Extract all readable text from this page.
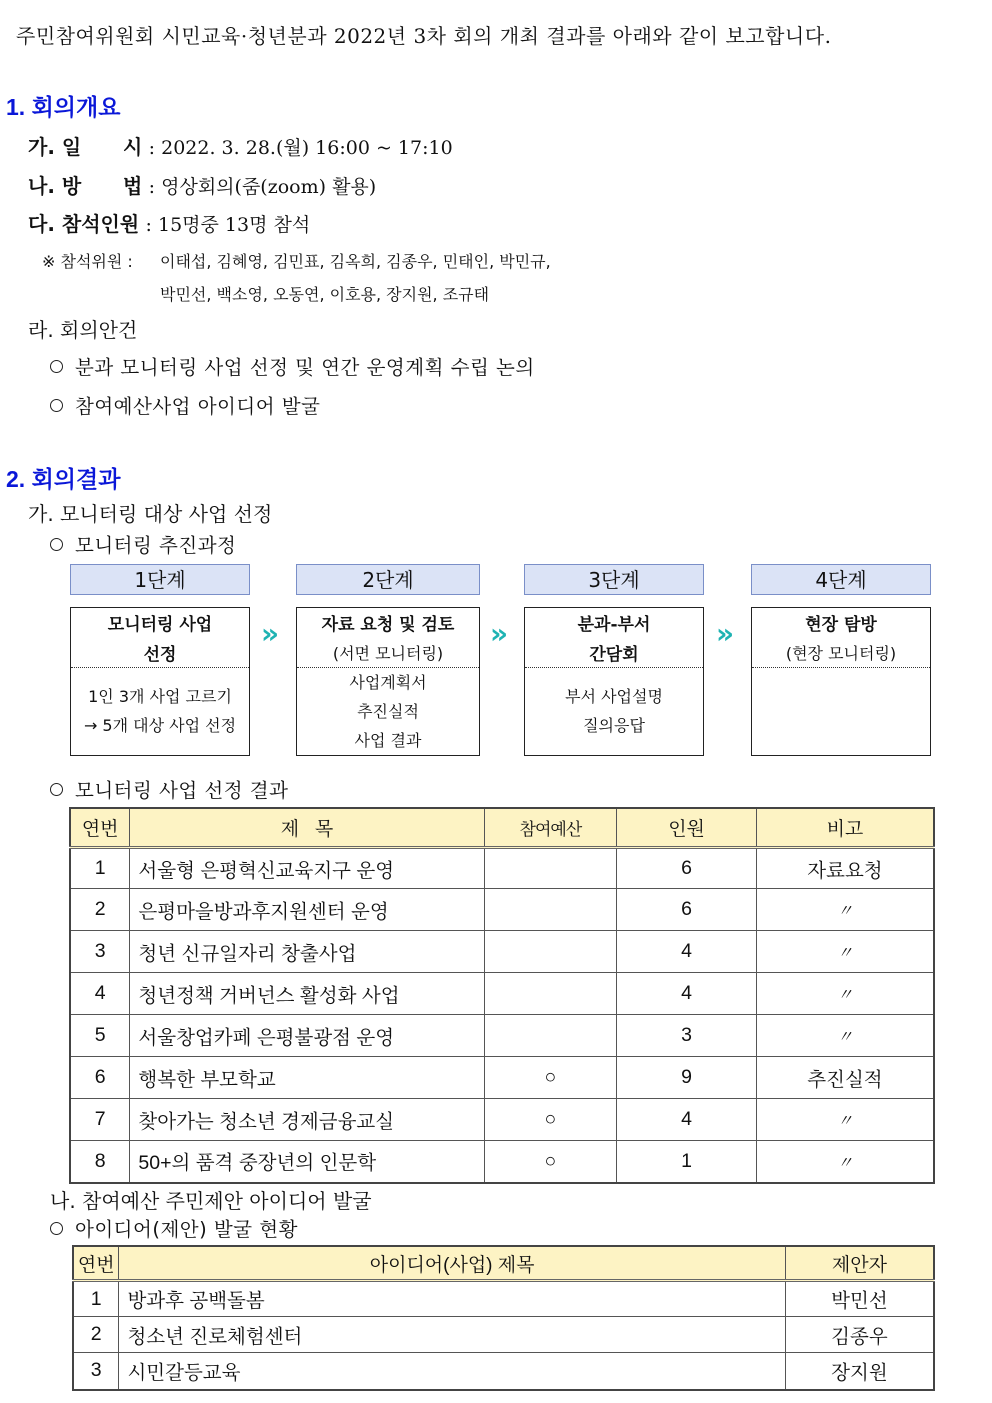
주민참여위원회 시민교육·청년분과 2022년 3차 회의 개최 결과를 아래와 같이 보고합니다.
1. 회의개요
가. 일      시 : 2022. 3. 28.(월) 16:00 ~ 17:10
나. 방      법 : 영상회의(줌(zoom) 활용)
다. 참석인원 : 15명중 13명 참석
※ 참석위원 : 이태섭, 김혜영, 김민표, 김옥희, 김종우, 민태인, 박민규,
박민선, 백소영, 오동연, 이호용, 장지원, 조규태
라. 회의안건
분과 모니터링 사업 선정 및 연간 운영계획 수립 논의
참여예산사업 아이디어 발굴
2. 회의결과
가. 모니터링 대상 사업 선정
모니터링 추진과정
1단계
모니터링 사업
선정
1인 3개 사업 고르기
→ 5개 대상 사업 선정
»
2단계
자료 요청 및 검토
(서면 모니터링)
사업계획서
추진실적
사업 결과
»
3단계
분과-부서
간담회
부서 사업설명
질의응답
»
4단계
현장 탐방
(현장 모니터링)
모니터링 사업 선정 결과
연번	제   목	참여예산	인원	비고
1	서울형 은평혁신교육지구 운영		6	자료요청
2	은평마을방과후지원센터 운영		6	〃
3	청년 신규일자리 창출사업		4	〃
4	청년정책 거버넌스 활성화 사업		4	〃
5	서울창업카페 은평불광점 운영		3	〃
6	행복한 부모학교	○	9	추진실적
7	찾아가는 청소년 경제금융교실	○	4	〃
8	50+의 품격 중장년의 인문학	○	1	〃
나. 참여예산 주민제안 아이디어 발굴
아이디어(제안) 발굴 현황
연번	아이디어(사업) 제목	제안자
1	방과후 공백돌봄	박민선
2	청소년 진로체험센터	김종우
3	시민갈등교육	장지원
